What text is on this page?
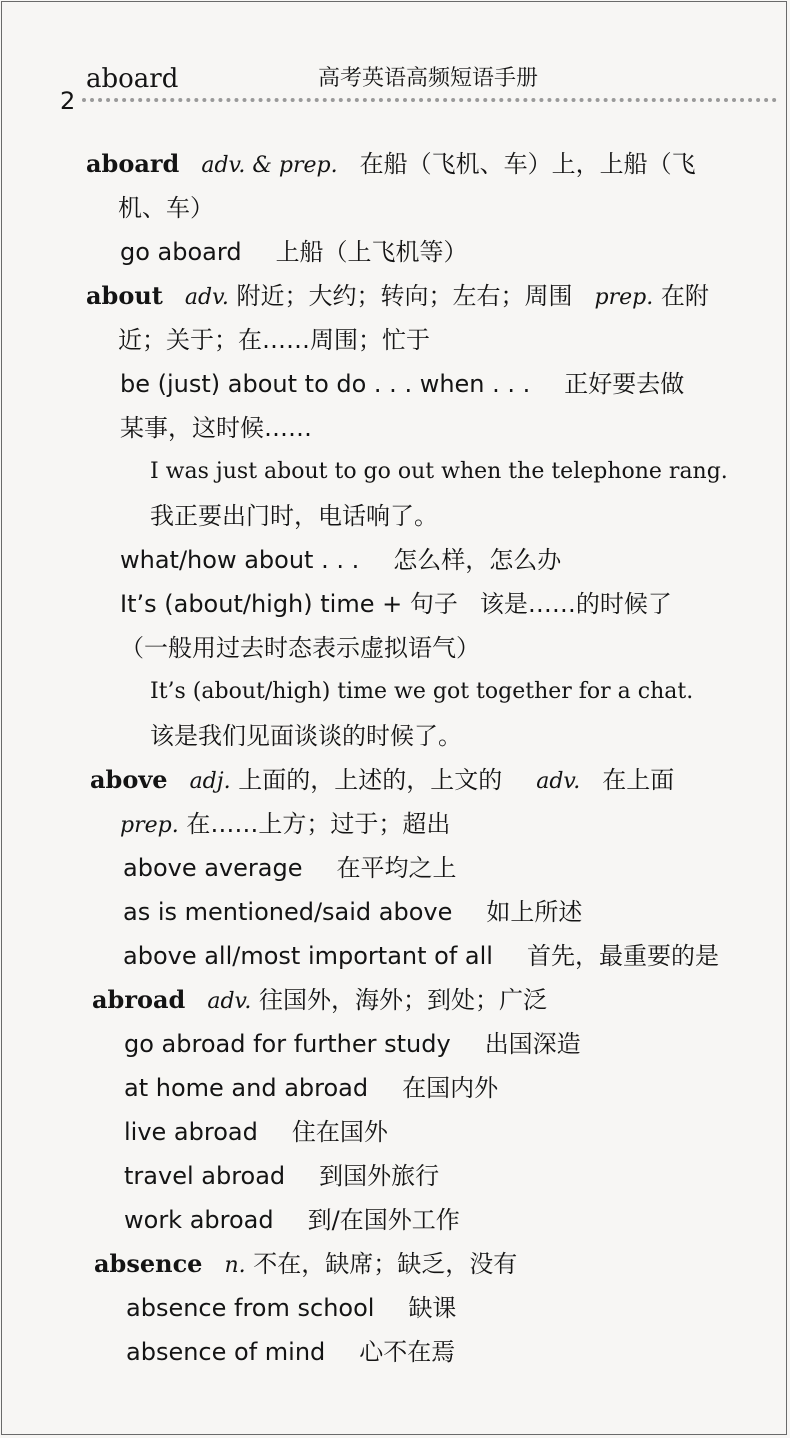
2
aboard	高考英语高频短语手册
aboard adv. & prep. 在船（飞机、车）上，上船（飞
机、车）
go aboard 上船（上飞机等）
about adv. 附近；大约；转向；左右；周围 prep. 在附
近；关于；在……周围；忙于
be (just) about to do . . . when . . . 正好要去做
某事，这时候……
I was just about to go out when the telephone rang.
我正要出门时，电话响了。
what/how about . . . 怎么样，怎么办
It’s (about/high) time + 句子 该是……的时候了
（一般用过去时态表示虚拟语气）
It’s (about/high) time we got together for a chat.
该是我们见面谈谈的时候了。
above adj. 上面的，上述的，上文的 adv. 在上面
prep. 在……上方；过于；超出
above average 在平均之上
as is mentioned/said above 如上所述
above all/most important of all 首先，最重要的是
abroad adv. 往国外，海外；到处；广泛
go abroad for further study 出国深造
at home and abroad 在国内外
live abroad 住在国外
travel abroad 到国外旅行
work abroad 到/在国外工作
absence n. 不在，缺席；缺乏，没有
absence from school 缺课
absence of mind 心不在焉
